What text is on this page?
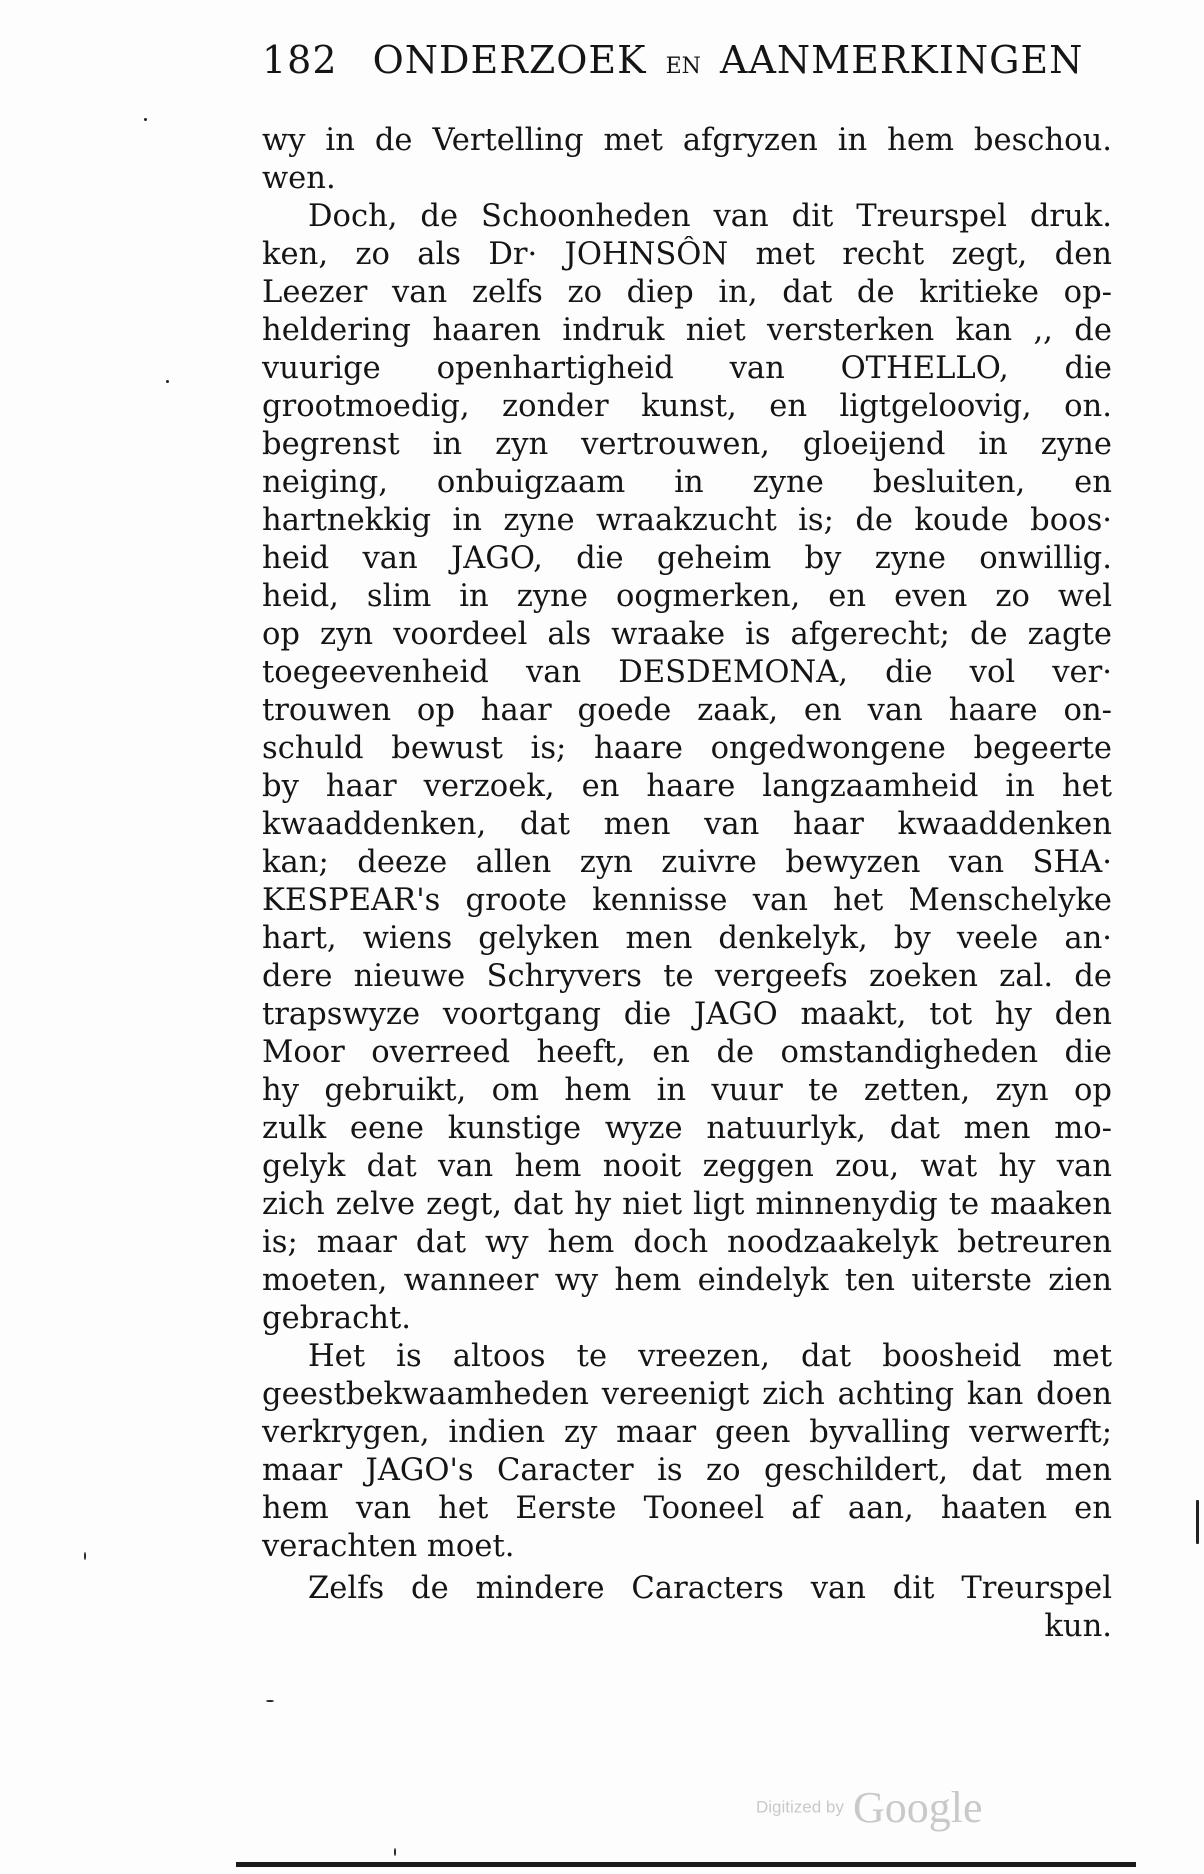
182 ONDERZOEK EN AANMERKINGEN
wy in de Vertelling met afgryzen in hem beschou.
wen.
Doch, de Schoonheden van dit Treurspel druk.
ken, zo als Dr· JOHNSÔN met recht zegt, den
Leezer van zelfs zo diep in, dat de kritieke op-
heldering haaren indruk niet versterken kan ,, de
vuurige openhartigheid van OTHELLO, die
grootmoedig, zonder kunst, en ligtgeloovig, on.
begrenst in zyn vertrouwen, gloeijend in zyne
neiging, onbuigzaam in zyne besluiten, en
hartnekkig in zyne wraakzucht is; de koude boos·
heid van JAGO, die geheim by zyne onwillig.
heid, slim in zyne oogmerken, en even zo wel
op zyn voordeel als wraake is afgerecht; de zagte
toegeevenheid van DESDEMONA, die vol ver·
trouwen op haar goede zaak, en van haare on-
schuld bewust is; haare ongedwongene begeerte
by haar verzoek, en haare langzaamheid in het
kwaaddenken, dat men van haar kwaaddenken
kan; deeze allen zyn zuivre bewyzen van SHA·
KESPEAR's groote kennisse van het Menschelyke
hart, wiens gelyken men denkelyk, by veele an·
dere nieuwe Schryvers te vergeefs zoeken zal. de
trapswyze voortgang die JAGO maakt, tot hy den
Moor overreed heeft, en de omstandigheden die
hy gebruikt, om hem in vuur te zetten, zyn op
zulk eene kunstige wyze natuurlyk, dat men mo-
gelyk dat van hem nooit zeggen zou, wat hy van
zich zelve zegt, dat hy niet ligt minnenydig te maaken
is; maar dat wy hem doch noodzaakelyk betreuren
moeten, wanneer wy hem eindelyk ten uiterste zien
gebracht.
Het is altoos te vreezen, dat boosheid met
geestbekwaamheden vereenigt zich achting kan doen
verkrygen, indien zy maar geen byvalling verwerft;
maar JAGO's Caracter is zo geschildert, dat men
hem van het Eerste Tooneel af aan, haaten en
verachten moet.
Zelfs de mindere Caracters van dit Treurspel
kun.
Digitized by Google
